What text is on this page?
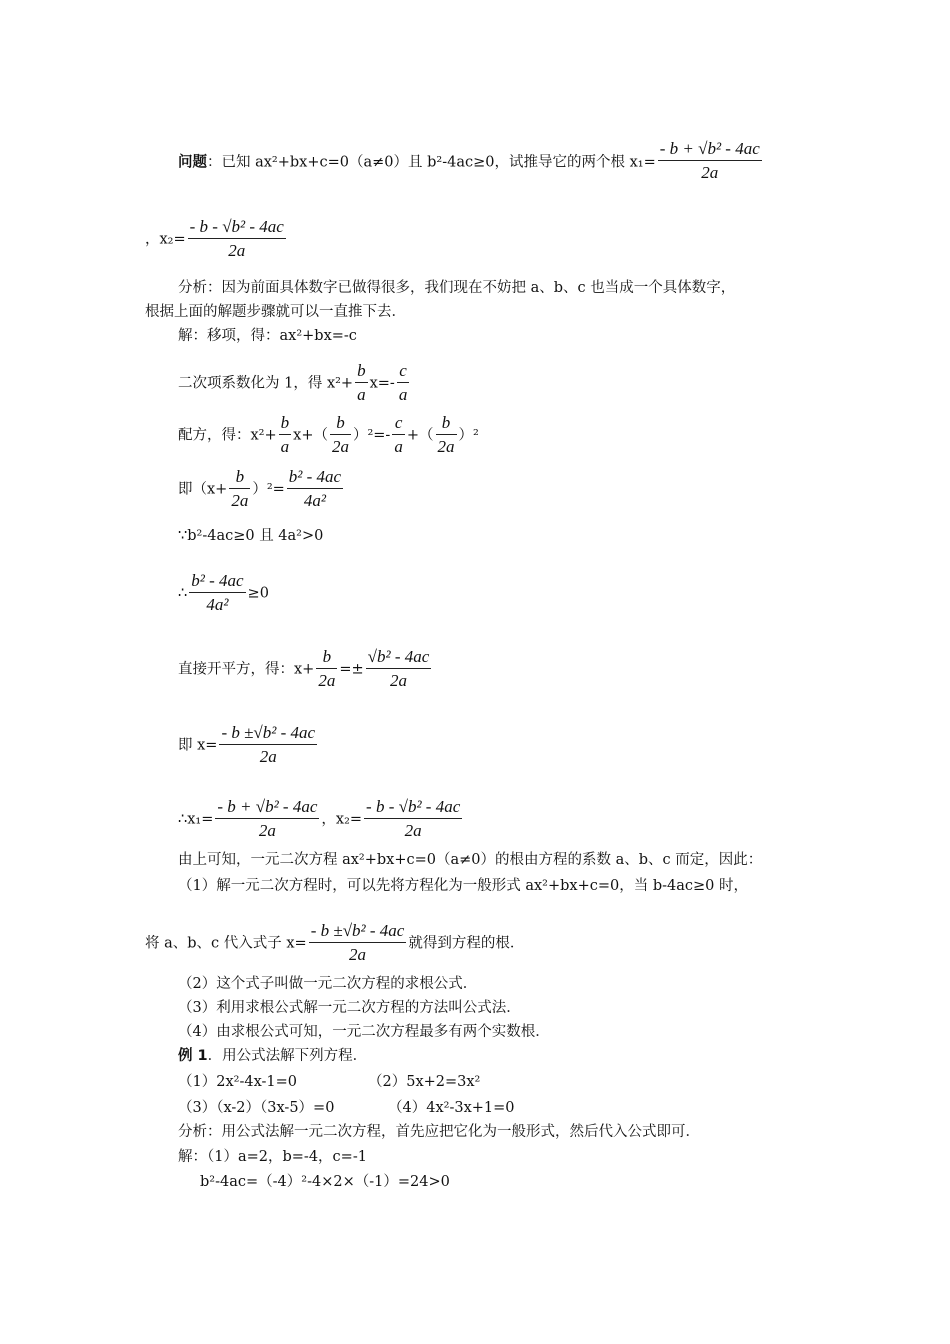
问题：已知 ax²+bx+c=0（a≠0）且 b²-4ac≥0，试推导它的两个根 $x_1= \frac{\text{- b + √b² - 4ac}}{2a}$
，$x_2= \frac{\text{- b - √b² - 4ac}}{2a}$
分析：因为前面具体数字已做得很多，我们现在不妨把 a、b、c 也当成一个具体数字，
根据上面的解题步骤就可以一直推下去．
解：移项，得：ax²+bx=-c
二次项系数化为 1，得 $x^2+ \frac{b}{a} x=- \frac{c}{a}$
配方，得：$x^2+ \frac{b}{a} x+( \frac{b}{2a} )^2=- \frac{c}{a}$ +（ $\frac{b}{2a} )^2$
即$(x+ \frac{b}{2a} )^2= \frac{\text{b² - 4ac}}{\text{4a²}}$
∵b²-4ac≥0 且 4a²>0
∴ $\frac{\text{b² - 4ac}}{\text{4a²}} \ge 0$
直接开平方，得：$x+ \frac{b}{2a} =\pm \frac{\text{√b² - 4ac}}{2a}$
即 $x= \frac{\text{- b ±√b² - 4ac}}{2a}$
∴x₁= $\frac{\text{- b + √b² - 4ac}}{2a}$ ，$x_2= \frac{\text{- b - √b² - 4ac}}{2a}$
由上可知，一元二次方程 ax²+bx+c=0（a≠0）的根由方程的系数 a、b、c 而定，因此：
（1）解一元二次方程时，可以先将方程化为一般形式 ax²+bx+c=0，当 b-4ac≥0 时，
将 a、b、c 代入式子 $x= \frac{\text{- b ±√b² - 4ac}}{2a}$ 就得到方程的根．
（2）这个式子叫做一元二次方程的求根公式．
（3）利用求根公式解一元二次方程的方法叫公式法．
（4）由求根公式可知，一元二次方程最多有两个实数根．
例 1．用公式法解下列方程．
（1）2x²-4x-1=0	（2）5x+2=3x²
（3）（x-2）（3x-5）=0	（4）4x²-3x+1=0
分析：用公式法解一元二次方程，首先应把它化为一般形式，然后代入公式即可．
解：（1）a=2，b=-4，c=-1
b²-4ac=（-4）²-4×2×（-1）=24>0
